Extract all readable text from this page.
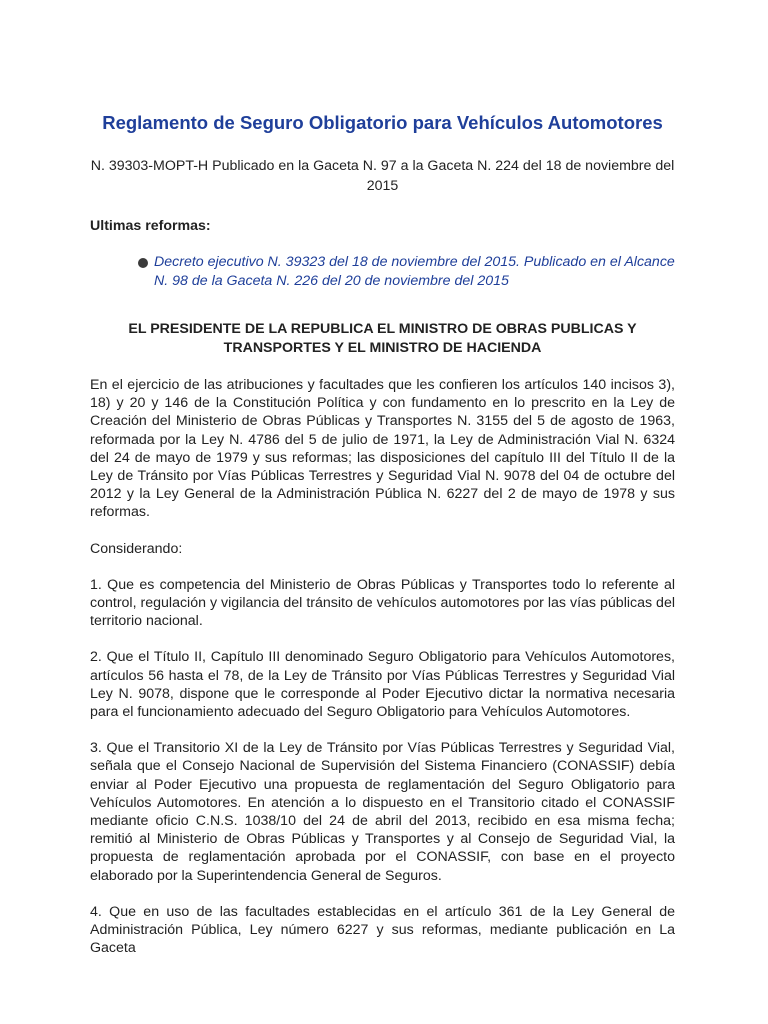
Reglamento de Seguro Obligatorio para Vehículos Automotores

N. 39303-MOPT-H Publicado en la Gaceta N. 97 a la Gaceta N. 224 del 18 de noviembre del 2015

Ultimas reformas:

Decreto ejecutivo N. 39323 del 18 de noviembre del 2015. Publicado en el Alcance N. 98 de la Gaceta N. 226 del 20 de noviembre del 2015

EL PRESIDENTE DE LA REPUBLICA EL MINISTRO DE OBRAS PUBLICAS Y TRANSPORTES Y EL MINISTRO DE HACIENDA

En el ejercicio de las atribuciones y facultades que les confieren los artículos 140 incisos 3), 18) y 20 y 146 de la Constitución Política y con fundamento en lo prescrito en la Ley de Creación del Ministerio de Obras Públicas y Transportes N. 3155 del 5 de agosto de 1963, reformada por la Ley N. 4786 del 5 de julio de 1971, la Ley de Administración Vial N. 6324 del 24 de mayo de 1979 y sus reformas; las disposiciones del capítulo III del Título II de la Ley de Tránsito por Vías Públicas Terrestres y Seguridad Vial N. 9078 del 04 de octubre del 2012 y la Ley General de la Administración Pública N. 6227 del 2 de mayo de 1978 y sus reformas.

Considerando:

1. Que es competencia del Ministerio de Obras Públicas y Transportes todo lo referente al control, regulación y vigilancia del tránsito de vehículos automotores por las vías públicas del territorio nacional.

2. Que el Título II, Capítulo III denominado Seguro Obligatorio para Vehículos Automotores, artículos 56 hasta el 78, de la Ley de Tránsito por Vías Públicas Terrestres y Seguridad Vial Ley N. 9078, dispone que le corresponde al Poder Ejecutivo dictar la normativa necesaria para el funcionamiento adecuado del Seguro Obligatorio para Vehículos Automotores.

3. Que el Transitorio XI de la Ley de Tránsito por Vías Públicas Terrestres y Seguridad Vial, señala que el Consejo Nacional de Supervisión del Sistema Financiero (CONASSIF) debía enviar al Poder Ejecutivo una propuesta de reglamentación del Seguro Obligatorio para Vehículos Automotores. En atención a lo dispuesto en el Transitorio citado el CONASSIF mediante oficio C.N.S. 1038/10 del 24 de abril del 2013, recibido en esa misma fecha; remitió al Ministerio de Obras Públicas y Transportes y al Consejo de Seguridad Vial, la propuesta de reglamentación aprobada por el CONASSIF, con base en el proyecto elaborado por la Superintendencia General de Seguros.

4. Que en uso de las facultades establecidas en el artículo 361 de la Ley General de Administración Pública, Ley número 6227 y sus reformas, mediante publicación en La Gaceta
